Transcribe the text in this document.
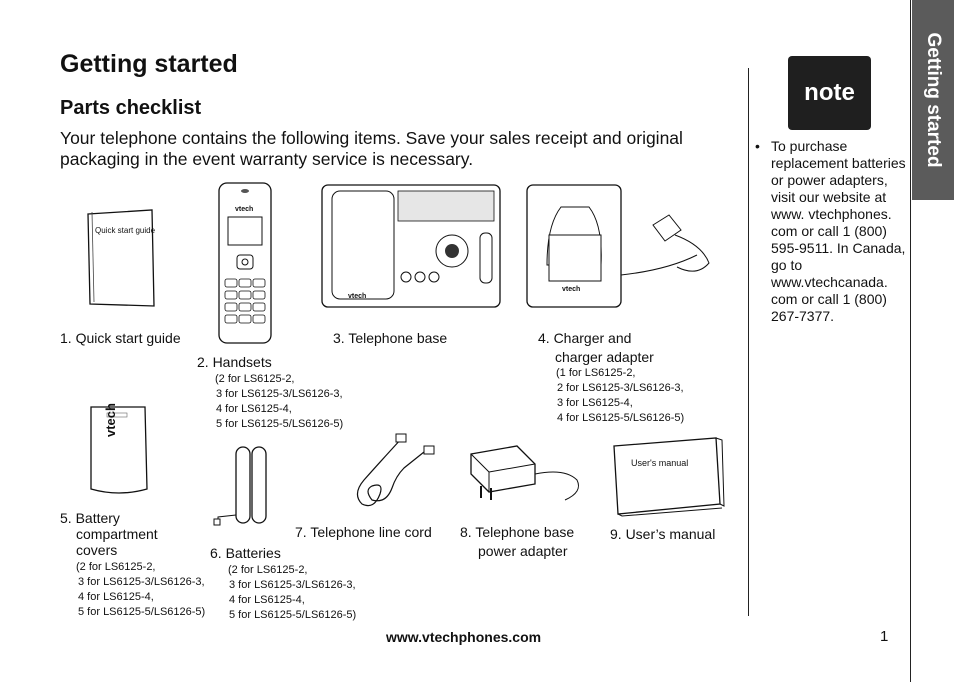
Getting started
Parts checklist
Your telephone contains the following items. Save your sales receipt and original packaging in the event warranty service is necessary.	Getting started
Quick start guide
1. Quick start guide
vtech
2. Handsets
(2 for LS6125-2,
3 for LS6125-3/LS6126-3,
4 for LS6125-4,
5 for LS6125-5/LS6126-5)
vtech
3. Telephone base
vtech
4. Charger and
charger adapter
(1 for LS6125-2,
2 for LS6125-3/LS6126-3,
3 for LS6125-4,
4 for LS6125-5/LS6126-5)
vtech
5. Battery
compartment
covers
(2 for LS6125-2,
3 for LS6125-3/LS6126-3,
4 for LS6125-4,
5 for LS6125-5/LS6126-5)
6. Batteries
(2 for LS6125-2,
3 for LS6125-3/LS6126-3,
4 for LS6125-4,
5 for LS6125-5/LS6126-5)
7. Telephone line cord 8. Telephone base
power adapter
User's manual
9. User’s manual
note
• To purchase replacement batteries or power adapters, visit our website at www. vtechphones. com or call 1 (800) 595-9511. In Canada, go to www.vtechcanada. com or call 1 (800) 267-7377.
www.vtechphones.com	1
